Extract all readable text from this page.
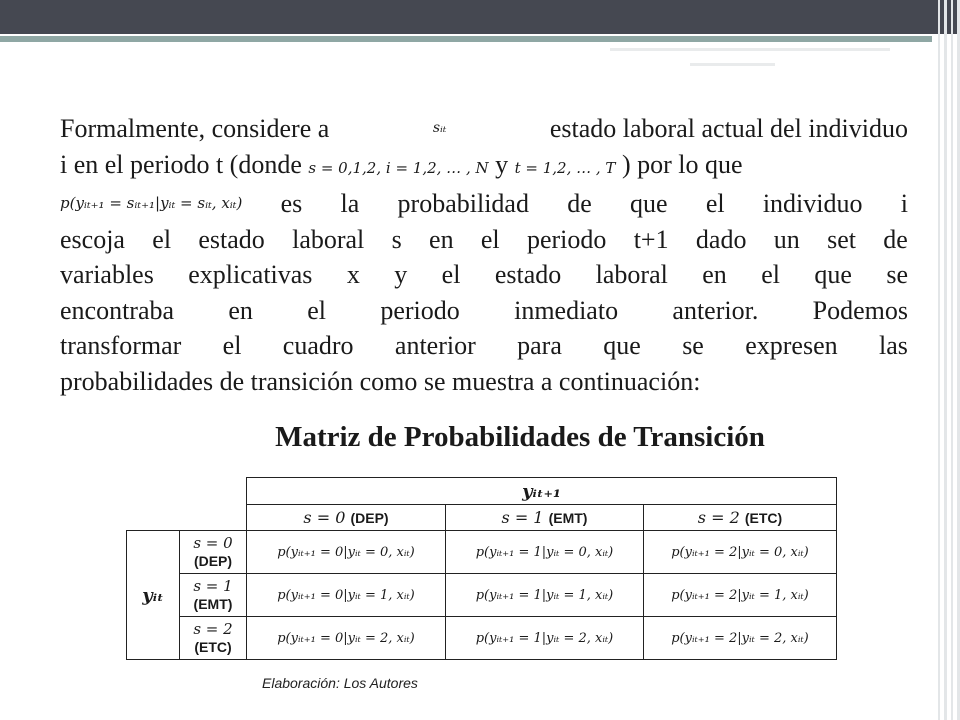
Formalmente, considere a	sᵢₜ	estado laboral actual del individuo
i en el periodo t (donde s = 0,1,2, i = 1,2, … , N y t = 1,2, … , T ) por lo que
p(yᵢₜ₊₁ = sᵢₜ₊₁|yᵢₜ = sᵢₜ, xᵢₜ) es la probabilidad de que el individuo i
escoja el estado laboral s en el periodo t+1 dado un set de
variables explicativas x y el estado laboral en el que se
encontraba en el periodo inmediato anterior. Podemos
transformar el cuadro anterior para que se expresen las
probabilidades de transición como se muestra a continuación:
Matriz de Probabilidades de Transición
		yᵢₜ₊₁		
		s = 0 (DEP)	s = 1 (EMT)	s = 2 (ETC)
yᵢₜ	s = 0
(DEP)	p(yᵢₜ₊₁ = 0|yᵢₜ = 0, xᵢₜ)	p(yᵢₜ₊₁ = 1|yᵢₜ = 0, xᵢₜ)	p(yᵢₜ₊₁ = 2|yᵢₜ = 0, xᵢₜ)
	s = 1
(EMT)	p(yᵢₜ₊₁ = 0|yᵢₜ = 1, xᵢₜ)	p(yᵢₜ₊₁ = 1|yᵢₜ = 1, xᵢₜ)	p(yᵢₜ₊₁ = 2|yᵢₜ = 1, xᵢₜ)
	s = 2
(ETC)	p(yᵢₜ₊₁ = 0|yᵢₜ = 2, xᵢₜ)	p(yᵢₜ₊₁ = 1|yᵢₜ = 2, xᵢₜ)	p(yᵢₜ₊₁ = 2|yᵢₜ = 2, xᵢₜ)
Elaboración: Los Autores
